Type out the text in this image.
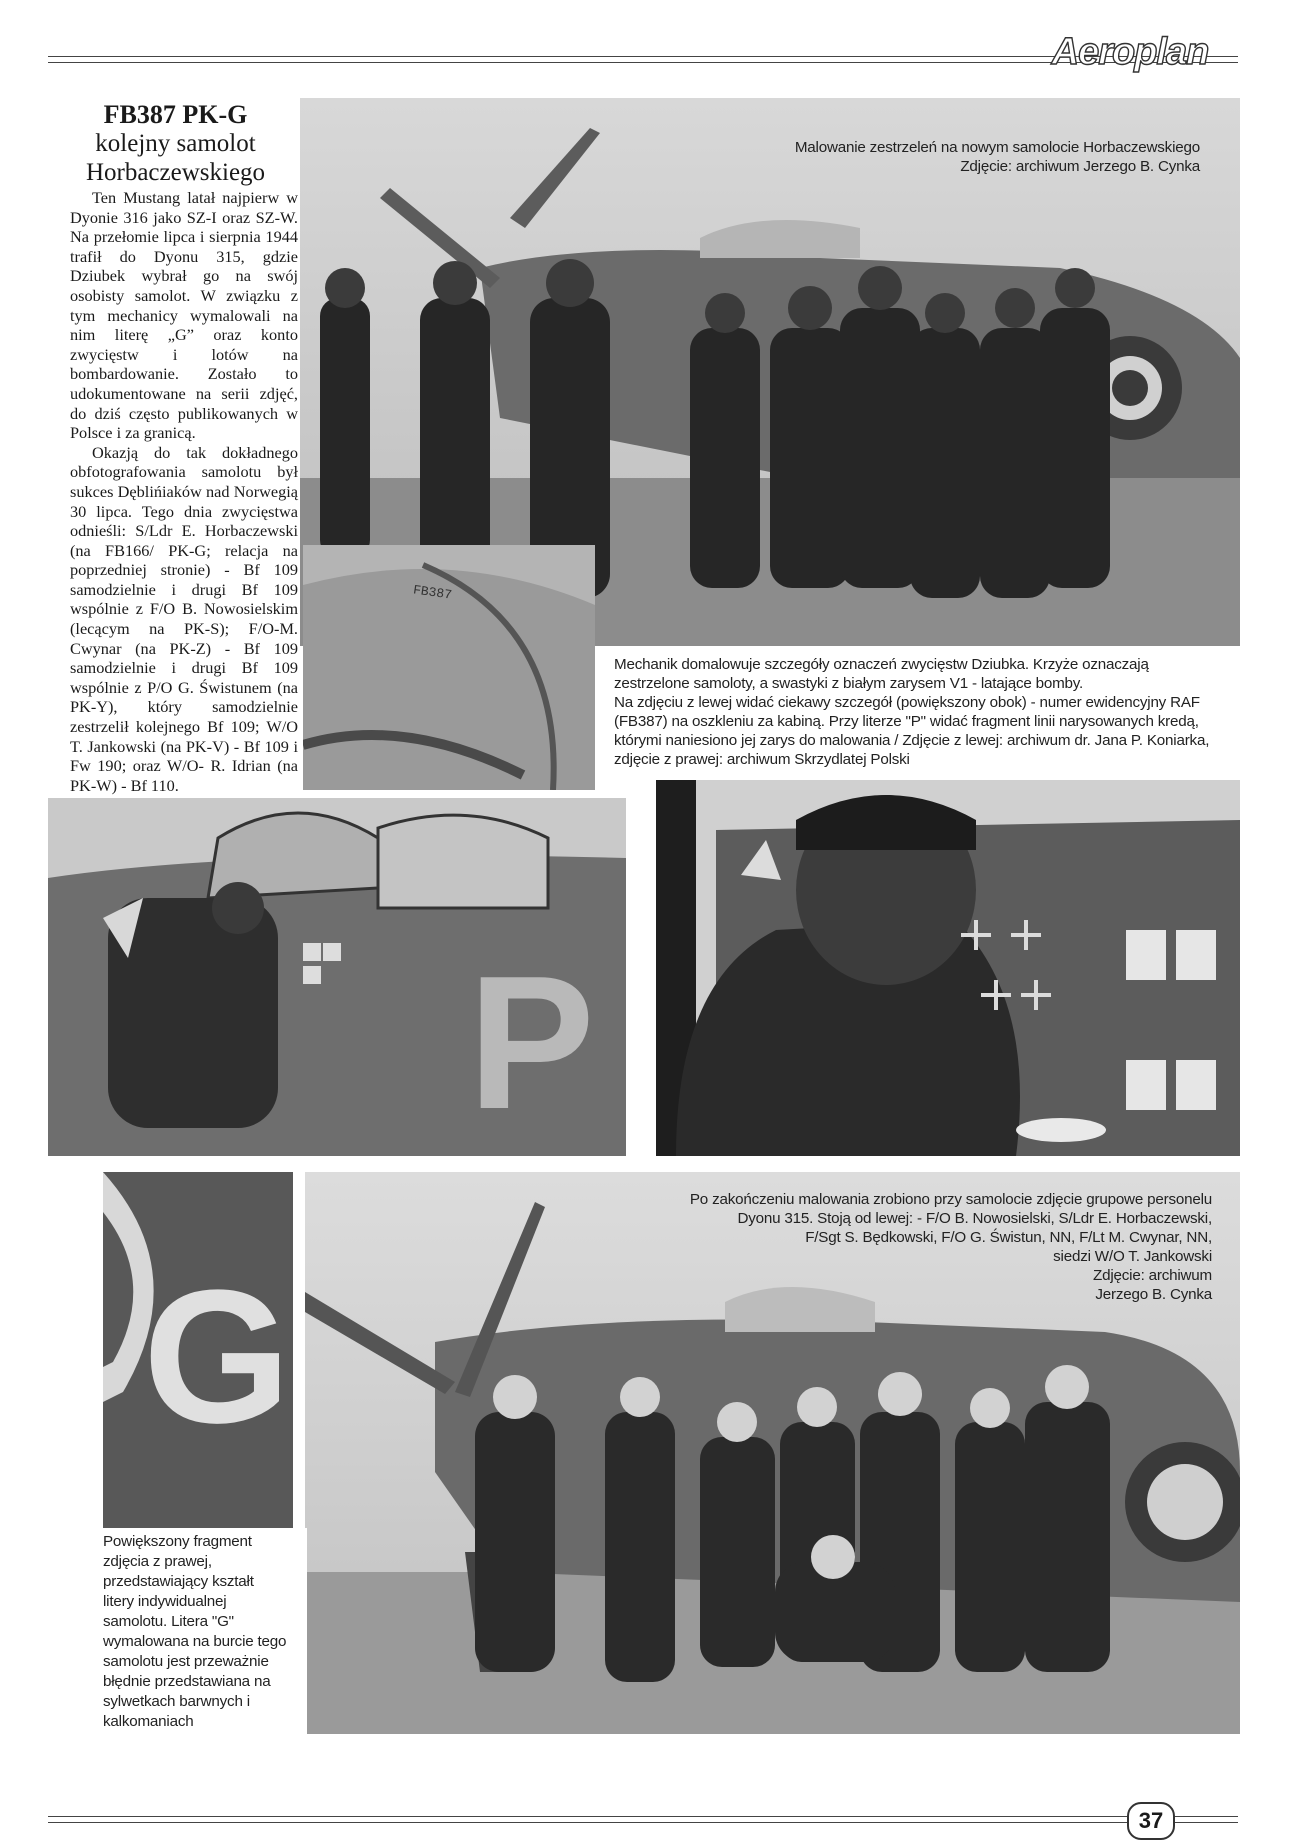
Aeroplan
Malowanie zestrzeleń na nowym samolocie Horbaczewskiego
Zdjęcie: archiwum Jerzego B. Cynka
FB387 PK-G
kolejny samolot
Horbaczewskiego

Ten Mustang latał najpierw w Dyonie 316 jako SZ-I oraz SZ-W. Na przełomie lipca i sierpnia 1944 trafił do Dyonu 315, gdzie Dziubek wybrał go na swój osobisty samolot. W związku z tym mechanicy wymalowali na nim literę „G” oraz konto zwycięstw i lotów na bombardowanie. Zostało to udokumentowane na serii zdjęć, do dziś często publikowanych w Polsce i za granicą.

Okazją do tak dokładnego obfotografowania samolotu był sukces Dęblińiaków nad Norwegią 30 lipca. Tego dnia zwycięstwa odnieśli: S/Ldr E. Horbaczewski (na FB166/ PK-G; relacja na poprzedniej stronie) - Bf 109 samodzielnie i drugi Bf 109 wspólnie z F/O B. Nowosielskim (lecącym na PK-S); F/O-M. Cwynar (na PK-Z) - Bf 109 samodzielnie i drugi Bf 109 wspólnie z P/O G. Świstunem (na PK-Y), który samodzielnie zestrzelił kolejnego Bf 109; W/O T. Jankowski (na PK-V) - Bf 109 i Fw 190; oraz W/O- R. Idrian (na PK-W) - Bf 110.

FB387
Mechanik domalowuje szczegóły oznaczeń zwycięstw Dziubka. Krzyże oznaczają
zestrzelone samoloty, a swastyki z białym zarysem V1 - latające bomby.
Na zdjęciu z lewej widać ciekawy szczegół (powiększony obok) - numer ewidencyjny RAF
(FB387) na oszkleniu za kabiną. Przy literze "P" widać fragment linii narysowanych kredą,
którymi naniesiono jej zarys do malowania / Zdjęcie z lewej: archiwum dr. Jana P. Koniarka,
zdjęcie z prawej: archiwum Skrzydlatej Polski
P
G
Po zakończeniu malowania zrobiono przy samolocie zdjęcie grupowe personelu
Dyonu 315. Stoją od lewej: - F/O B. Nowosielski, S/Ldr E. Horbaczewski,
F/Sgt S. Będkowski, F/O G. Świstun, NN, F/Lt M. Cwynar, NN,
siedzi W/O T. Jankowski
Zdjęcie: archiwum
Jerzego B. Cynka
Powiększony fragment
zdjęcia z prawej,
przedstawiający kształt
litery indywidualnej
samolotu. Litera "G"
wymalowana na burcie tego
samolotu jest przeważnie
błędnie przedstawiana na
sylwetkach barwnych i
kalkomaniach
37
